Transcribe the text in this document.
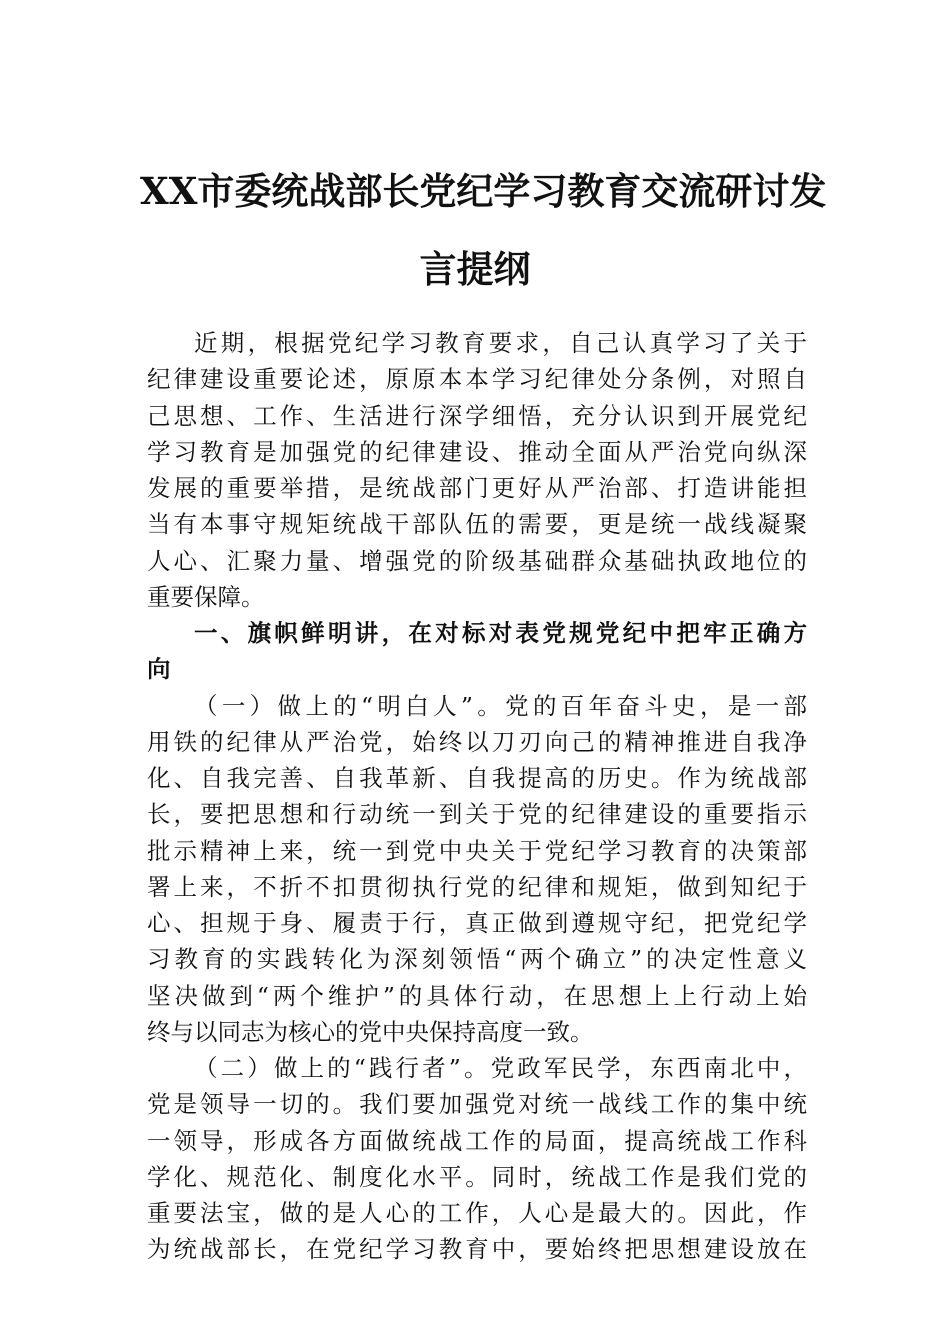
XX市委统战部长党纪学习教育交流研讨发
言提纲
近期，根据党纪学习教育要求，自己认真学习了关于
纪律建设重要论述，原原本本学习纪律处分条例，对照自
己思想、工作、生活进行深学细悟，充分认识到开展党纪
学习教育是加强党的纪律建设、推动全面从严治党向纵深
发展的重要举措，是统战部门更好从严治部、打造讲能担
当有本事守规矩统战干部队伍的需要，更是统一战线凝聚
人心、汇聚力量、增强党的阶级基础群众基础执政地位的
重要保障。
一、旗帜鲜明讲，在对标对表党规党纪中把牢正确方
向
（一）做上的“明白人”。党的百年奋斗史，是一部
用铁的纪律从严治党，始终以刀刃向己的精神推进自我净
化、自我完善、自我革新、自我提高的历史。作为统战部
长，要把思想和行动统一到关于党的纪律建设的重要指示
批示精神上来，统一到党中央关于党纪学习教育的决策部
署上来，不折不扣贯彻执行党的纪律和规矩，做到知纪于
心、担规于身、履责于行，真正做到遵规守纪，把党纪学
习教育的实践转化为深刻领悟“两个确立”的决定性意义
坚决做到“两个维护”的具体行动，在思想上上行动上始
终与以同志为核心的党中央保持高度一致。
（二）做上的“践行者”。党政军民学，东西南北中，
党是领导一切的。我们要加强党对统一战线工作的集中统
一领导，形成各方面做统战工作的局面，提高统战工作科
学化、规范化、制度化水平。同时，统战工作是我们党的
重要法宝，做的是人心的工作，人心是最大的。因此，作
为统战部长，在党纪学习教育中，要始终把思想建设放在
